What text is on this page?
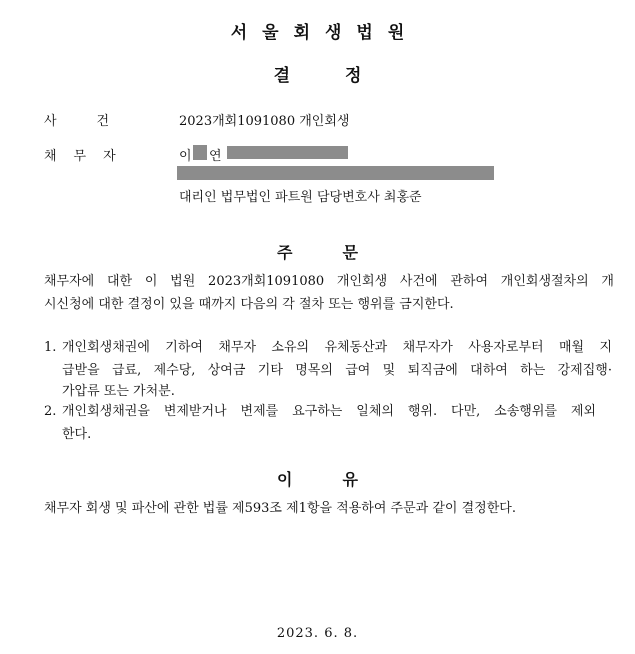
서울회생법원
결정
사건 2023개회1091080 개인회생
채무자	이 연
대리인 법무법인 파트원 담당변호사 최홍준
주문
채무자에 대한 이 법원 2023개회1091080 개인회생 사건에 관하여 개인회생절차의 개
시신청에 대한 결정이 있을 때까지 다음의 각 절차 또는 행위를 금지한다.
1. 개인회생채권에 기하여 채무자 소유의 유체동산과 채무자가 사용자로부터 매월 지
급받을 급료, 제수당, 상여금 기타 명목의 급여 및 퇴직금에 대하여 하는 강제집행·
가압류 또는 가처분.
2. 개인회생채권을 변제받거나 변제를 요구하는 일체의 행위. 다만, 소송행위를 제외
한다.
이유
채무자 회생 및 파산에 관한 법률 제593조 제1항을 적용하여 주문과 같이 결정한다.
2023. 6. 8.
